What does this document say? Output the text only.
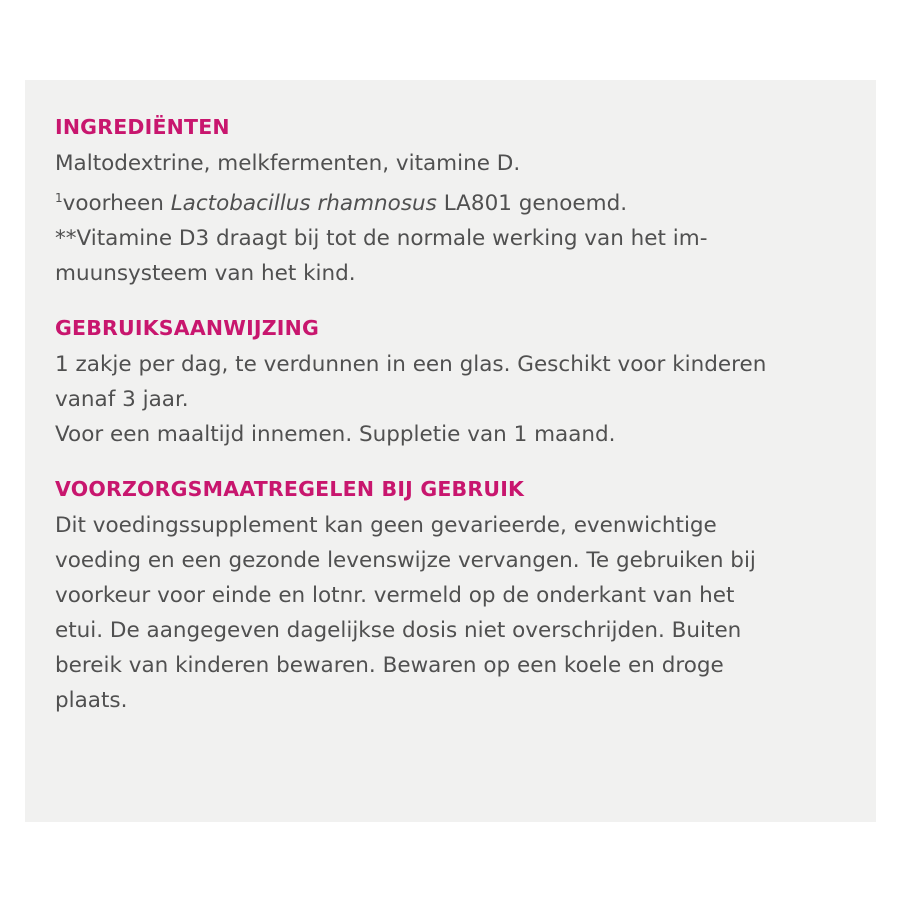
INGREDIËNTEN
Maltodextrine, melkfermenten, vitamine D.
$^1$voorheen Lactobacillus rhamnosus LA801 genoemd.
**Vitamine D3 draagt bij tot de normale werking van het im-
muunsysteem van het kind.
GEBRUIKSAANWIJZING
1 zakje per dag, te verdunnen in een glas. Geschikt voor kinderen
vanaf 3 jaar.
Voor een maaltijd innemen. Suppletie van 1 maand.
VOORZORGSMAATREGELEN BIJ GEBRUIK
Dit voedingssupplement kan geen gevarieerde, evenwichtige
voeding en een gezonde levenswijze vervangen. Te gebruiken bij
voorkeur voor einde en lotnr. vermeld op de onderkant van het
etui. De aangegeven dagelijkse dosis niet overschrijden. Buiten
bereik van kinderen bewaren. Bewaren op een koele en droge
plaats.
